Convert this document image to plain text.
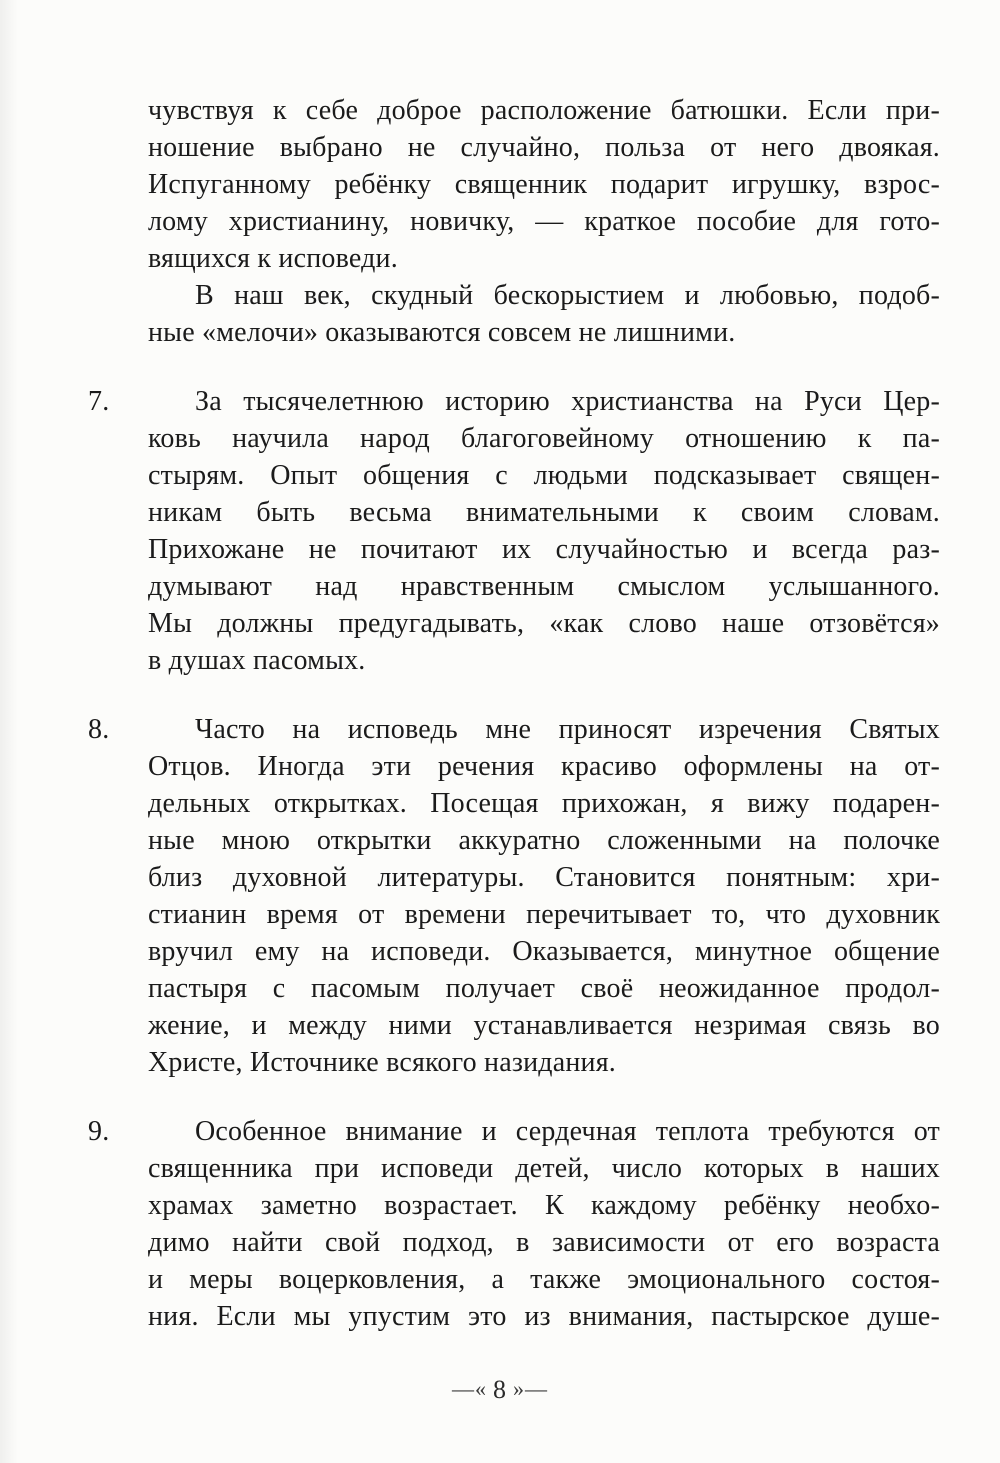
чувствуя к себе доброе расположение батюшки. Если при-
ношение выбрано не случайно, польза от него двоякая.
Испуганному ребёнку священник подарит игрушку, взрос-
лому христианину, новичку, — краткое пособие для гото-
вящихся к исповеди.
В наш век, скудный бескорыстием и любовью, подоб-
ные «мелочи» оказываются совсем не лишними.
7.	За тысячелетнюю историю христианства на Руси Цер-
ковь научила народ благоговейному отношению к па-
стырям. Опыт общения с людьми подсказывает священ-
никам быть весьма внимательными к своим словам.
Прихожане не почитают их случайностью и всегда раз-
думывают над нравственным смыслом услышанного.
Мы должны предугадывать, «как слово наше отзовётся»
в душах пасомых.
8.	Часто на исповедь мне приносят изречения Святых
Отцов. Иногда эти речения красиво оформлены на от-
дельных открытках. Посещая прихожан, я вижу подарен-
ные мною открытки аккуратно сложенными на полочке
близ духовной литературы. Становится понятным: хри-
стианин время от времени перечитывает то, что духовник
вручил ему на исповеди. Оказывается, минутное общение
пастыря с пасомым получает своё неожиданное продол-
жение, и между ними устанавливается незримая связь во
Христе, Источнике всякого назидания.
9.	Особенное внимание и сердечная теплота требуются от
священника при исповеди детей, число которых в наших
храмах заметно возрастает. К каждому ребёнку необхо-
димо найти свой подход, в зависимости от его возраста
и меры воцерковления, а также эмоционального состоя-
ния. Если мы упустим это из внимания, пастырское душе-
—« 8 »—
